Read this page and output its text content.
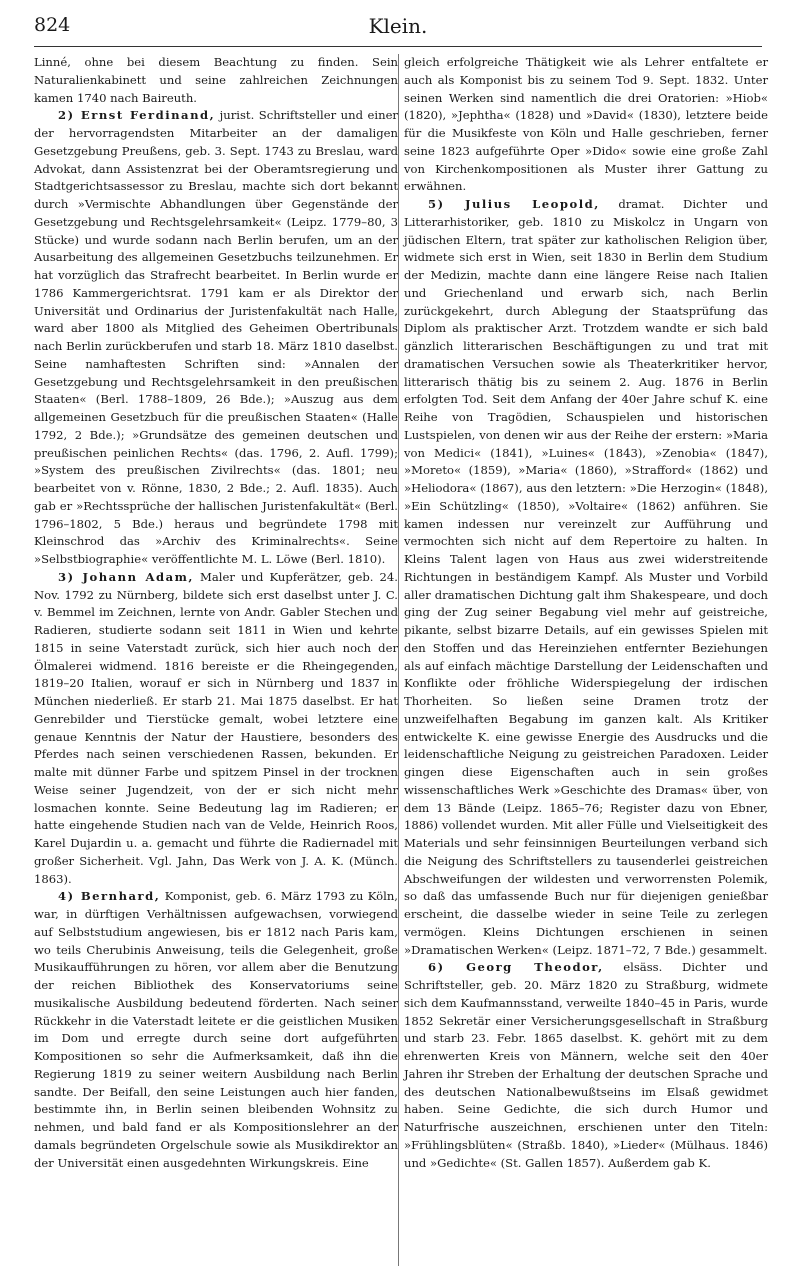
824	Klein.

Linné, ohne bei diesem Beachtung zu finden. Sein Naturalienkabinett und seine zahlreichen Zeichnungen kamen 1740 nach Baireuth.

2) Ernst Ferdinand, jurist. Schriftsteller und einer der hervorragendsten Mitarbeiter an der damaligen Gesetzgebung Preußens, geb. 3. Sept. 1743 zu Breslau, ward Advokat, dann Assistenzrat bei der Oberamtsregierung und Stadtgerichtsassessor zu Breslau, machte sich dort bekannt durch »Vermischte Abhandlungen über Gegenstände der Gesetzgebung und Rechtsgelehrsamkeit« (Leipz. 1779–80, 3 Stücke) und wurde sodann nach Berlin berufen, um an der Ausarbeitung des allgemeinen Gesetzbuchs teilzunehmen. Er hat vorzüglich das Strafrecht bearbeitet. In Berlin wurde er 1786 Kammergerichtsrat. 1791 kam er als Direktor der Universität und Ordinarius der Juristenfakultät nach Halle, ward aber 1800 als Mitglied des Geheimen Obertribunals nach Berlin zurückberufen und starb 18. März 1810 daselbst. Seine namhaftesten Schriften sind: »Annalen der Gesetzgebung und Rechtsgelehrsamkeit in den preußischen Staaten« (Berl. 1788–1809, 26 Bde.); »Auszug aus dem allgemeinen Gesetzbuch für die preußischen Staaten« (Halle 1792, 2 Bde.); »Grundsätze des gemeinen deutschen und preußischen peinlichen Rechts« (das. 1796, 2. Aufl. 1799); »System des preußischen Zivilrechts« (das. 1801; neu bearbeitet von v. Rönne, 1830, 2 Bde.; 2. Aufl. 1835). Auch gab er »Rechtssprüche der hallischen Juristenfakultät« (Berl. 1796–1802, 5 Bde.) heraus und begründete 1798 mit Kleinschrod das »Archiv des Kriminalrechts«. Seine »Selbstbiographie« veröffentlichte M. L. Löwe (Berl. 1810).

3) Johann Adam, Maler und Kupferätzer, geb. 24. Nov. 1792 zu Nürnberg, bildete sich erst daselbst unter J. C. v. Bemmel im Zeichnen, lernte von Andr. Gabler Stechen und Radieren, studierte sodann seit 1811 in Wien und kehrte 1815 in seine Vaterstadt zurück, sich hier auch noch der Ölmalerei widmend. 1816 bereiste er die Rheingegenden, 1819–20 Italien, worauf er sich in Nürnberg und 1837 in München niederließ. Er starb 21. Mai 1875 daselbst. Er hat Genrebilder und Tierstücke gemalt, wobei letztere eine genaue Kenntnis der Natur der Haustiere, besonders des Pferdes nach seinen verschiedenen Rassen, bekunden. Er malte mit dünner Farbe und spitzem Pinsel in der trocknen Weise seiner Jugendzeit, von der er sich nicht mehr losmachen konnte. Seine Bedeutung lag im Radieren; er hatte eingehende Studien nach van de Velde, Heinrich Roos, Karel Dujardin u. a. gemacht und führte die Radiernadel mit großer Sicherheit. Vgl. Jahn, Das Werk von J. A. K. (Münch. 1863).

4) Bernhard, Komponist, geb. 6. März 1793 zu Köln, war, in dürftigen Verhältnissen aufgewachsen, vorwiegend auf Selbststudium angewiesen, bis er 1812 nach Paris kam, wo teils Cherubinis Anweisung, teils die Gelegenheit, große Musikaufführungen zu hören, vor allem aber die Benutzung der reichen Bibliothek des Konservatoriums seine musikalische Ausbildung bedeutend förderten. Nach seiner Rückkehr in die Vaterstadt leitete er die geistlichen Musiken im Dom und erregte durch seine dort aufgeführten Kompositionen so sehr die Aufmerksamkeit, daß ihn die Regierung 1819 zu seiner weitern Ausbildung nach Berlin sandte. Der Beifall, den seine Leistungen auch hier fanden, bestimmte ihn, in Berlin seinen bleibenden Wohnsitz zu nehmen, und bald fand er als Kompositionslehrer an der damals begründeten Orgelschule sowie als Musikdirektor an der Universität einen ausgedehnten Wirkungskreis. Eine

gleich erfolgreiche Thätigkeit wie als Lehrer entfaltete er auch als Komponist bis zu seinem Tod 9. Sept. 1832. Unter seinen Werken sind namentlich die drei Oratorien: »Hiob« (1820), »Jephtha« (1828) und »David« (1830), letztere beide für die Musikfeste von Köln und Halle geschrieben, ferner seine 1823 aufgeführte Oper »Dido« sowie eine große Zahl von Kirchenkompositionen als Muster ihrer Gattung zu erwähnen.

5) Julius Leopold, dramat. Dichter und Litterarhistoriker, geb. 1810 zu Miskolcz in Ungarn von jüdischen Eltern, trat später zur katholischen Religion über, widmete sich erst in Wien, seit 1830 in Berlin dem Studium der Medizin, machte dann eine längere Reise nach Italien und Griechenland und erwarb sich, nach Berlin zurückgekehrt, durch Ablegung der Staatsprüfung das Diplom als praktischer Arzt. Trotzdem wandte er sich bald gänzlich litterarischen Beschäftigungen zu und trat mit dramatischen Versuchen sowie als Theaterkritiker hervor, litterarisch thätig bis zu seinem 2. Aug. 1876 in Berlin erfolgten Tod. Seit dem Anfang der 40er Jahre schuf K. eine Reihe von Tragödien, Schauspielen und historischen Lustspielen, von denen wir aus der Reihe der erstern: »Maria von Medici« (1841), »Luines« (1843), »Zenobia« (1847), »Moreto« (1859), »Maria« (1860), »Strafford« (1862) und »Heliodora« (1867), aus den letztern: »Die Herzogin« (1848), »Ein Schützling« (1850), »Voltaire« (1862) anführen. Sie kamen indessen nur vereinzelt zur Aufführung und vermochten sich nicht auf dem Repertoire zu halten. In Kleins Talent lagen von Haus aus zwei widerstreitende Richtungen in beständigem Kampf. Als Muster und Vorbild aller dramatischen Dichtung galt ihm Shakespeare, und doch ging der Zug seiner Begabung viel mehr auf geistreiche, pikante, selbst bizarre Details, auf ein gewisses Spielen mit den Stoffen und das Hereinziehen entfernter Beziehungen als auf einfach mächtige Darstellung der Leidenschaften und Konflikte oder fröhliche Widerspiegelung der irdischen Thorheiten. So ließen seine Dramen trotz der unzweifelhaften Begabung im ganzen kalt. Als Kritiker entwickelte K. eine gewisse Energie des Ausdrucks und die leidenschaftliche Neigung zu geistreichen Paradoxen. Leider gingen diese Eigenschaften auch in sein großes wissenschaftliches Werk »Geschichte des Dramas« über, von dem 13 Bände (Leipz. 1865–76; Register dazu von Ebner, 1886) vollendet wurden. Mit aller Fülle und Vielseitigkeit des Materials und sehr feinsinnigen Beurteilungen verband sich die Neigung des Schriftstellers zu tausenderlei geistreichen Abschweifungen der wildesten und verworrensten Polemik, so daß das umfassende Buch nur für diejenigen genießbar erscheint, die dasselbe wieder in seine Teile zu zerlegen vermögen. Kleins Dichtungen erschienen in seinen »Dramatischen Werken« (Leipz. 1871–72, 7 Bde.) gesammelt.

6) Georg Theodor, elsäss. Dichter und Schriftsteller, geb. 20. März 1820 zu Straßburg, widmete sich dem Kaufmannsstand, verweilte 1840–45 in Paris, wurde 1852 Sekretär einer Versicherungsgesellschaft in Straßburg und starb 23. Febr. 1865 daselbst. K. gehört mit zu dem ehrenwerten Kreis von Männern, welche seit den 40er Jahren ihr Streben der Erhaltung der deutschen Sprache und des deutschen Nationalbewußtseins im Elsaß gewidmet haben. Seine Gedichte, die sich durch Humor und Naturfrische auszeichnen, erschienen unter den Titeln: »Frühlingsblüten« (Straßb. 1840), »Lieder« (Mülhaus. 1846) und »Gedichte« (St. Gallen 1857). Außerdem gab K.
